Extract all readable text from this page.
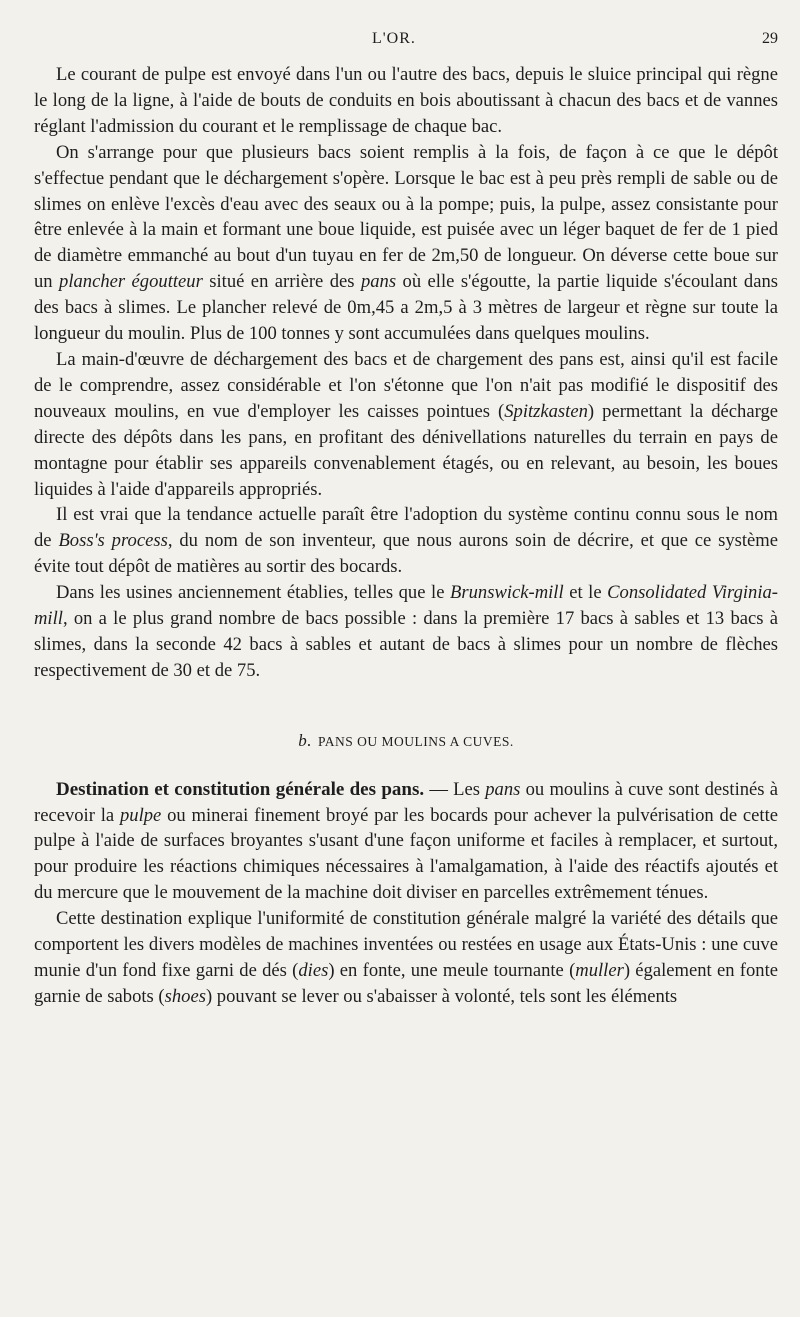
L'OR.	29

Le courant de pulpe est envoyé dans l'un ou l'autre des bacs, depuis le sluice principal qui règne le long de la ligne, à l'aide de bouts de conduits en bois aboutissant à chacun des bacs et de vannes réglant l'admission du courant et le remplissage de chaque bac.

On s'arrange pour que plusieurs bacs soient remplis à la fois, de façon à ce que le dépôt s'effectue pendant que le déchargement s'opère. Lorsque le bac est à peu près rempli de sable ou de slimes on enlève l'excès d'eau avec des seaux ou à la pompe; puis, la pulpe, assez consistante pour être enlevée à la main et formant une boue liquide, est puisée avec un léger baquet de fer de 1 pied de diamètre emmanché au bout d'un tuyau en fer de 2m,50 de longueur. On déverse cette boue sur un plancher égoutteur situé en arrière des pans où elle s'égoutte, la partie liquide s'écoulant dans des bacs à slimes. Le plancher relevé de 0m,45 a 2m,5 à 3 mètres de largeur et règne sur toute la longueur du moulin. Plus de 100 tonnes y sont accumulées dans quelques moulins.

La main-d'œuvre de déchargement des bacs et de chargement des pans est, ainsi qu'il est facile de le comprendre, assez considérable et l'on s'étonne que l'on n'ait pas modifié le dispositif des nouveaux moulins, en vue d'employer les caisses pointues (Spitzkasten) permettant la décharge directe des dépôts dans les pans, en profitant des dénivellations naturelles du terrain en pays de montagne pour établir ses appareils convenablement étagés, ou en relevant, au besoin, les boues liquides à l'aide d'appareils appropriés.

Il est vrai que la tendance actuelle paraît être l'adoption du système continu connu sous le nom de Boss's process, du nom de son inventeur, que nous aurons soin de décrire, et que ce système évite tout dépôt de matières au sortir des bocards.

Dans les usines anciennement établies, telles que le Brunswick-mill et le Consolidated Virginia-mill, on a le plus grand nombre de bacs possible : dans la première 17 bacs à sables et 13 bacs à slimes, dans la seconde 42 bacs à sables et autant de bacs à slimes pour un nombre de flèches respectivement de 30 et de 75.

b. PANS OU MOULINS A CUVES.

Destination et constitution générale des pans. — Les pans ou moulins à cuve sont destinés à recevoir la pulpe ou minerai finement broyé par les bocards pour achever la pulvérisation de cette pulpe à l'aide de surfaces broyantes s'usant d'une façon uniforme et faciles à remplacer, et surtout, pour produire les réactions chimiques nécessaires à l'amalgamation, à l'aide des réactifs ajoutés et du mercure que le mouvement de la machine doit diviser en parcelles extrêmement ténues.

Cette destination explique l'uniformité de constitution générale malgré la variété des détails que comportent les divers modèles de machines inventées ou restées en usage aux États-Unis : une cuve munie d'un fond fixe garni de dés (dies) en fonte, une meule tournante (muller) également en fonte garnie de sabots (shoes) pouvant se lever ou s'abaisser à volonté, tels sont les éléments
